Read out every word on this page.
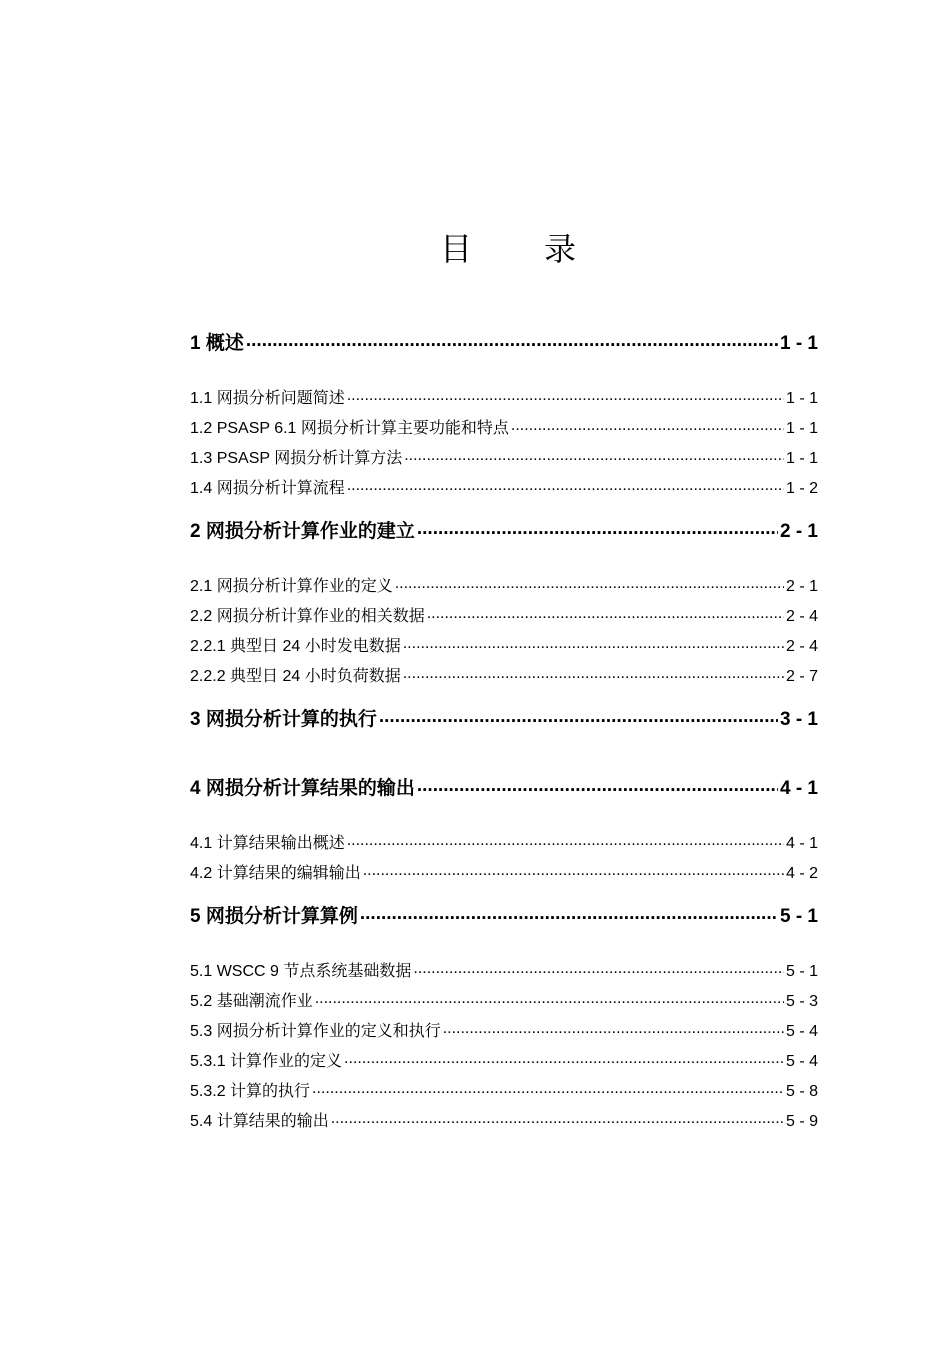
目 录
1 概述 .....	1 - 1
1.1 网损分析问题简述 .....	1 - 1
1.2 PSASP 6.1 网损分析计算主要功能和特点 .....	1 - 1
1.3 PSASP 网损分析计算方法 .....	1 - 1
1.4 网损分析计算流程 .....	1 - 2
2 网损分析计算作业的建立 .....	2 - 1
2.1 网损分析计算作业的定义 .....	2 - 1
2.2 网损分析计算作业的相关数据 .....	2 - 4
2.2.1 典型日 24 小时发电数据 .....	2 - 4
2.2.2 典型日 24 小时负荷数据 .....	2 - 7
3 网损分析计算的执行 .....	3 - 1
4 网损分析计算结果的输出 .....	4 - 1
4.1 计算结果输出概述 .....	4 - 1
4.2 计算结果的编辑输出 .....	4 - 2
5 网损分析计算算例 .....	5 - 1
5.1 WSCC 9 节点系统基础数据 .....	5 - 1
5.2 基础潮流作业 .....	5 - 3
5.3 网损分析计算作业的定义和执行 .....	5 - 4
5.3.1 计算作业的定义 .....	5 - 4
5.3.2 计算的执行 .....	5 - 8
5.4 计算结果的输出 .....	5 - 9
